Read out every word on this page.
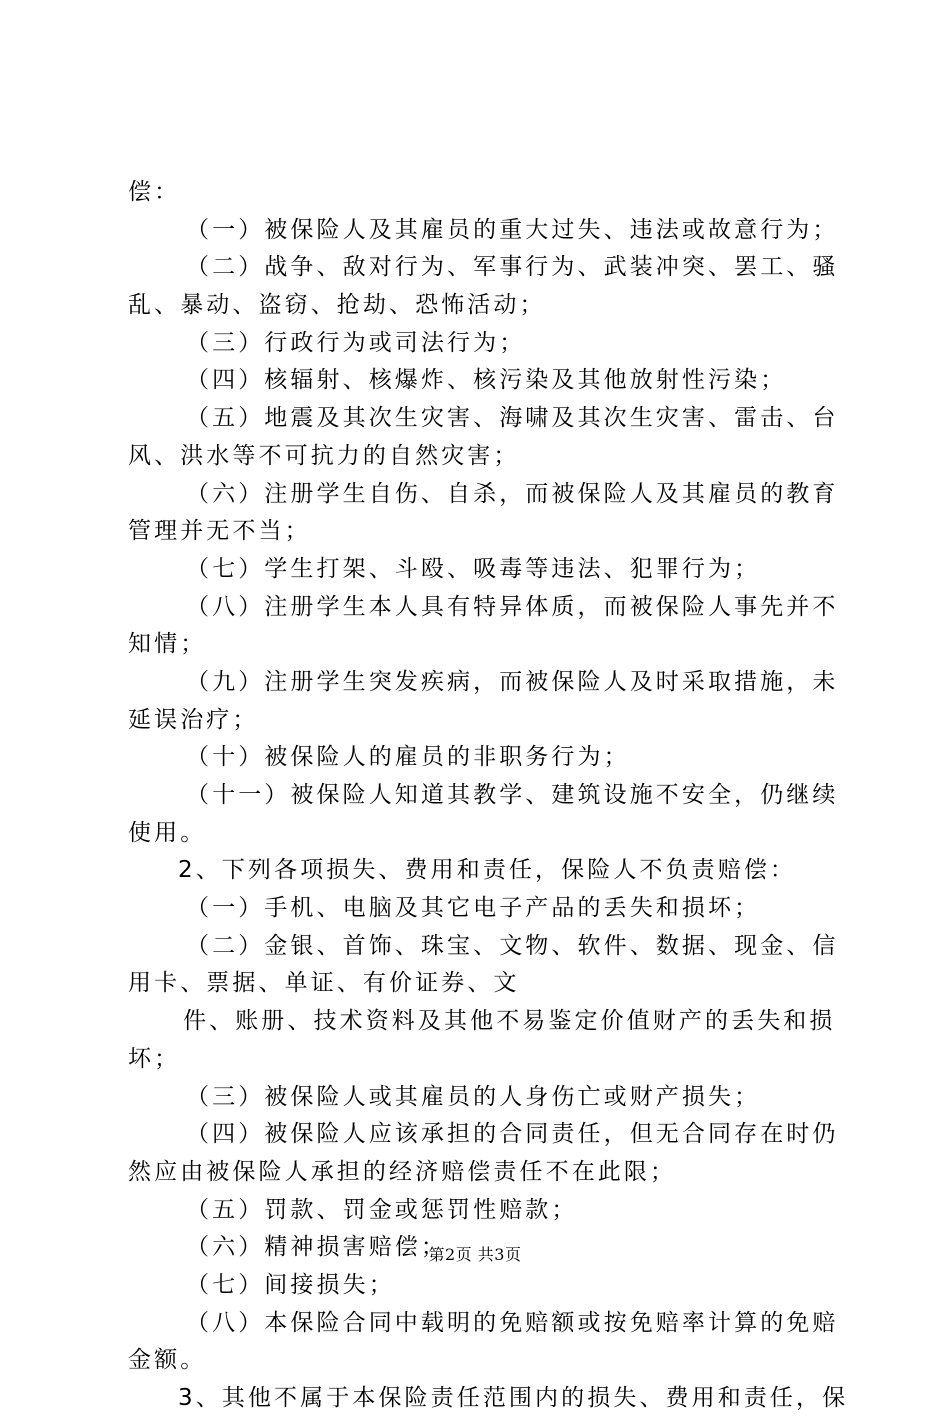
偿：
（一）被保险人及其雇员的重大过失、违法或故意行为；
（二）战争、敌对行为、军事行为、武装冲突、罢工、骚
乱、暴动、盗窃、抢劫、恐怖活动；
（三）行政行为或司法行为；
（四）核辐射、核爆炸、核污染及其他放射性污染；
（五）地震及其次生灾害、海啸及其次生灾害、雷击、台
风、洪水等不可抗力的自然灾害；
（六）注册学生自伤、自杀，而被保险人及其雇员的教育
管理并无不当；
（七）学生打架、斗殴、吸毒等违法、犯罪行为；
（八）注册学生本人具有特异体质，而被保险人事先并不
知情；
（九）注册学生突发疾病，而被保险人及时采取措施，未
延误治疗；
（十）被保险人的雇员的非职务行为；
（十一）被保险人知道其教学、建筑设施不安全，仍继续
使用。
2、下列各项损失、费用和责任，保险人不负责赔偿：
（一）手机、电脑及其它电子产品的丢失和损坏；
（二）金银、首饰、珠宝、文物、软件、数据、现金、信
用卡、票据、单证、有价证券、文
件、账册、技术资料及其他不易鉴定价值财产的丢失和损
坏；
（三）被保险人或其雇员的人身伤亡或财产损失；
（四）被保险人应该承担的合同责任，但无合同存在时仍
然应由被保险人承担的经济赔偿责任不在此限；
（五）罚款、罚金或惩罚性赔款；
（六）精神损害赔偿；
（七）间接损失；
（八）本保险合同中载明的免赔额或按免赔率计算的免赔
金额。
3、其他不属于本保险责任范围内的损失、费用和责任，保
第2页 共3页
